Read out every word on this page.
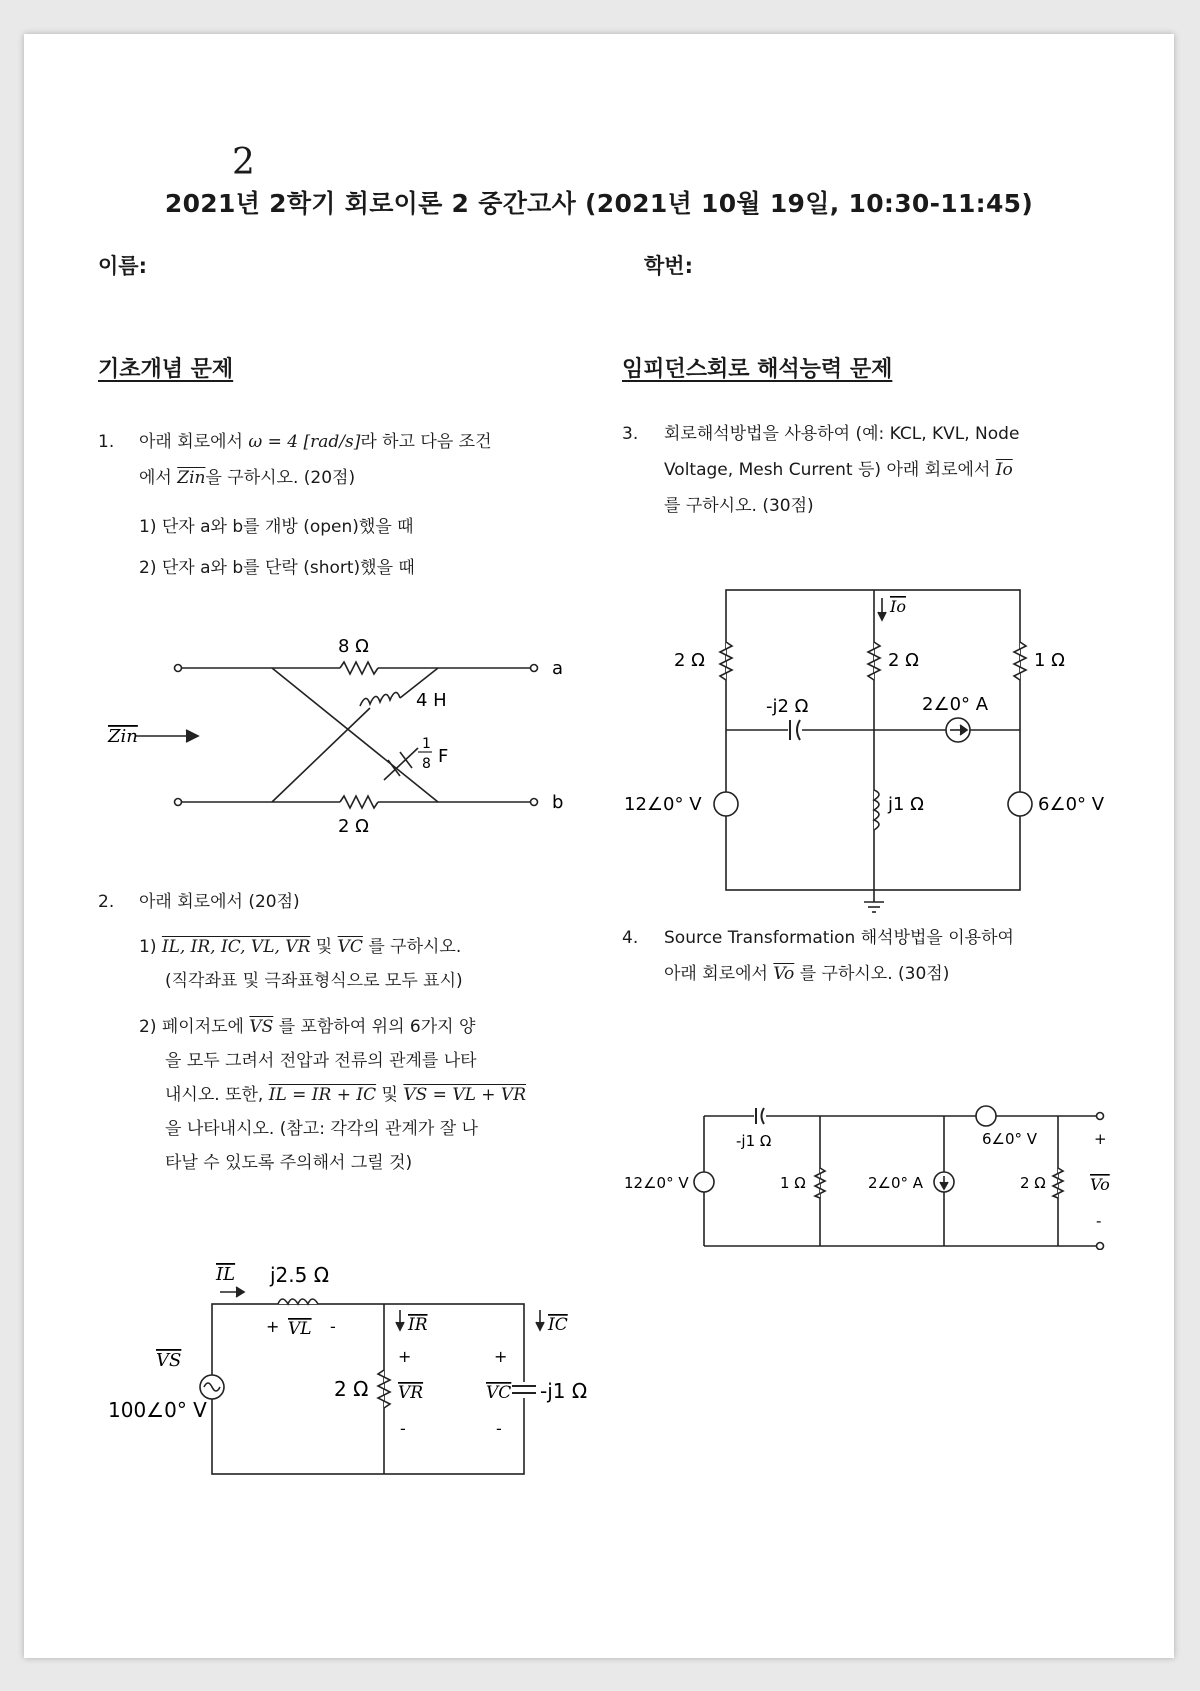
2
2021년 2학기 회로이론 2 중간고사 (2021년 10월 19일, 10:30-11:45)
이름:	학번:
기초개념 문제	임피던스회로 해석능력 문제
1. 아래 회로에서 ω = 4 [rad/s]라 하고 다음 조건
에서 $\overline{Zin}$을 구하시오. (20점)
1) 단자 a와 b를 개방 (open)했을 때
2) 단자 a와 b를 단락 (short)했을 때
8 Ω
2 Ω
4 H
1
8 F
a
b
Zin
2. 아래 회로에서 (20점)
1) IL, IR, IC, VL, VR 및 $\overline{VC}$ 를 구하시오.
(직각좌표 및 극좌표형식으로 모두 표시)
2) 페이저도에 $\overline{VS}$ 를 포함하여 위의 6가지 양
을 모두 그려서 전압과 전류의 관계를 나타
내시오. 또한, IL = IR + IC 및 VS = VL + VR
을 나타내시오. (참고: 각각의 관계가 잘 나
타날 수 있도록 주의해서 그릴 것)
IL j2.5 Ω
+ VL -	IR	IC
VS
100∠0° V
2 Ω
+
VR
-
+
VC
-
-j1 Ω
3. 회로해석방법을 사용하여 (예: KCL, KVL, Node
Voltage, Mesh Current 등) 아래 회로에서 $\overline{Io}$
를 구하시오. (30점)
Io
2 Ω	2 Ω	1 Ω
-j2 Ω	2∠0° A
12∠0° V	j1 Ω	6∠0° V
4. Source Transformation 해석방법을 이용하여
아래 회로에서 $\overline{Vo}$ 를 구하시오. (30점)
-j1 Ω	6∠0° V
12∠0° V	1 Ω	2∠0° A	2 Ω
+
Vo
-
